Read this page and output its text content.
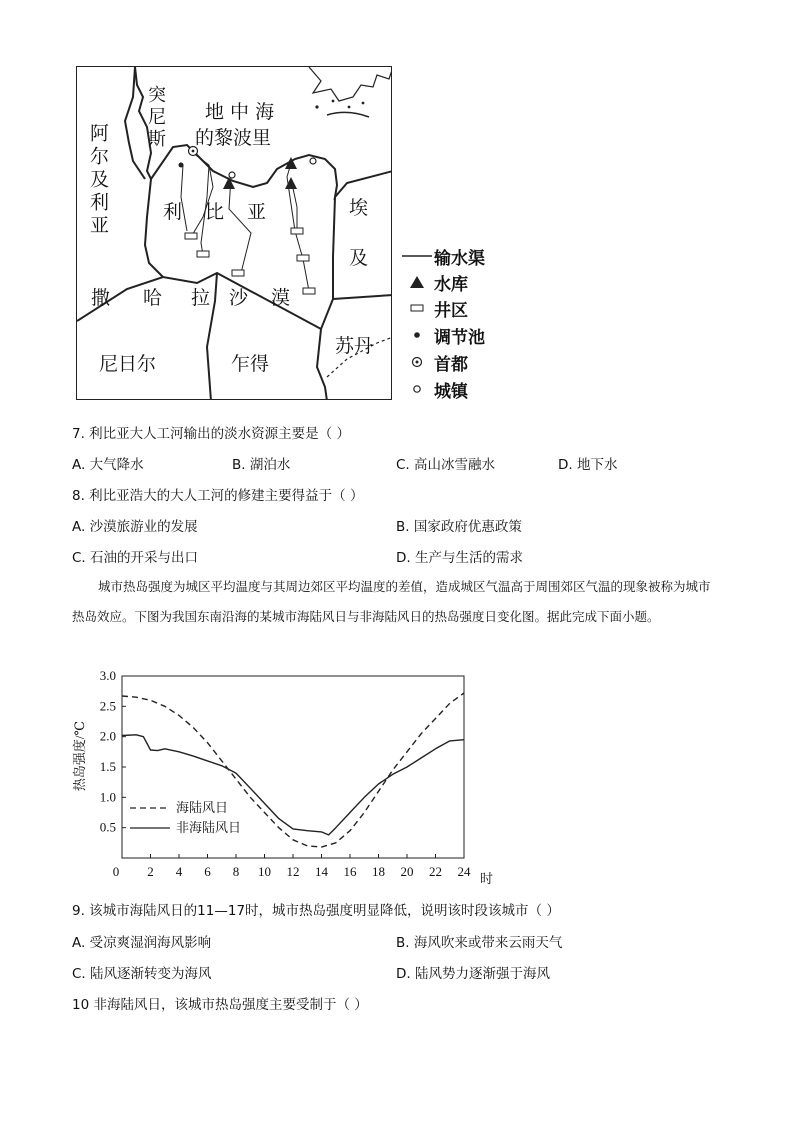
突尼斯 地 中 海
的黎波里
阿尔及利亚	利 比 亚	埃
及
撒 哈 拉 沙 漠
苏丹
尼日尔	乍得
输水渠
水库
井区
调节池
首都
城镇
7. 利比亚大人工河输出的淡水资源主要是（ ）
A. 大气降水	B. 湖泊水	C. 高山冰雪融水	D. 地下水
8. 利比亚浩大的大人工河的修建主要得益于（ ）
A. 沙漠旅游业的发展	B. 国家政府优惠政策
C. 石油的开采与出口	D. 生产与生活的需求
城市热岛强度为城区平均温度与其周边郊区平均温度的差值，造成城区气温高于周围郊区气温的现象被称为城市热岛效应。下图为我国东南沿海的某城市海陆风日与非海陆风日的热岛强度日变化图。据此完成下面小题。
0 2 4 6 8 10 12 14 16 18 20 22 24
0.5
1.0
1.5
2.0
2.5
3.0
热岛强度/℃
时
海陆风日
非海陆风日
9. 该城市海陆风日的11—17时，城市热岛强度明显降低，说明该时段该城市（ ）
A. 受凉爽湿润海风影响	B. 海风吹来或带来云雨天气
C. 陆风逐渐转变为海风	D. 陆风势力逐渐强于海风
10 非海陆风日，该城市热岛强度主要受制于（ ）
